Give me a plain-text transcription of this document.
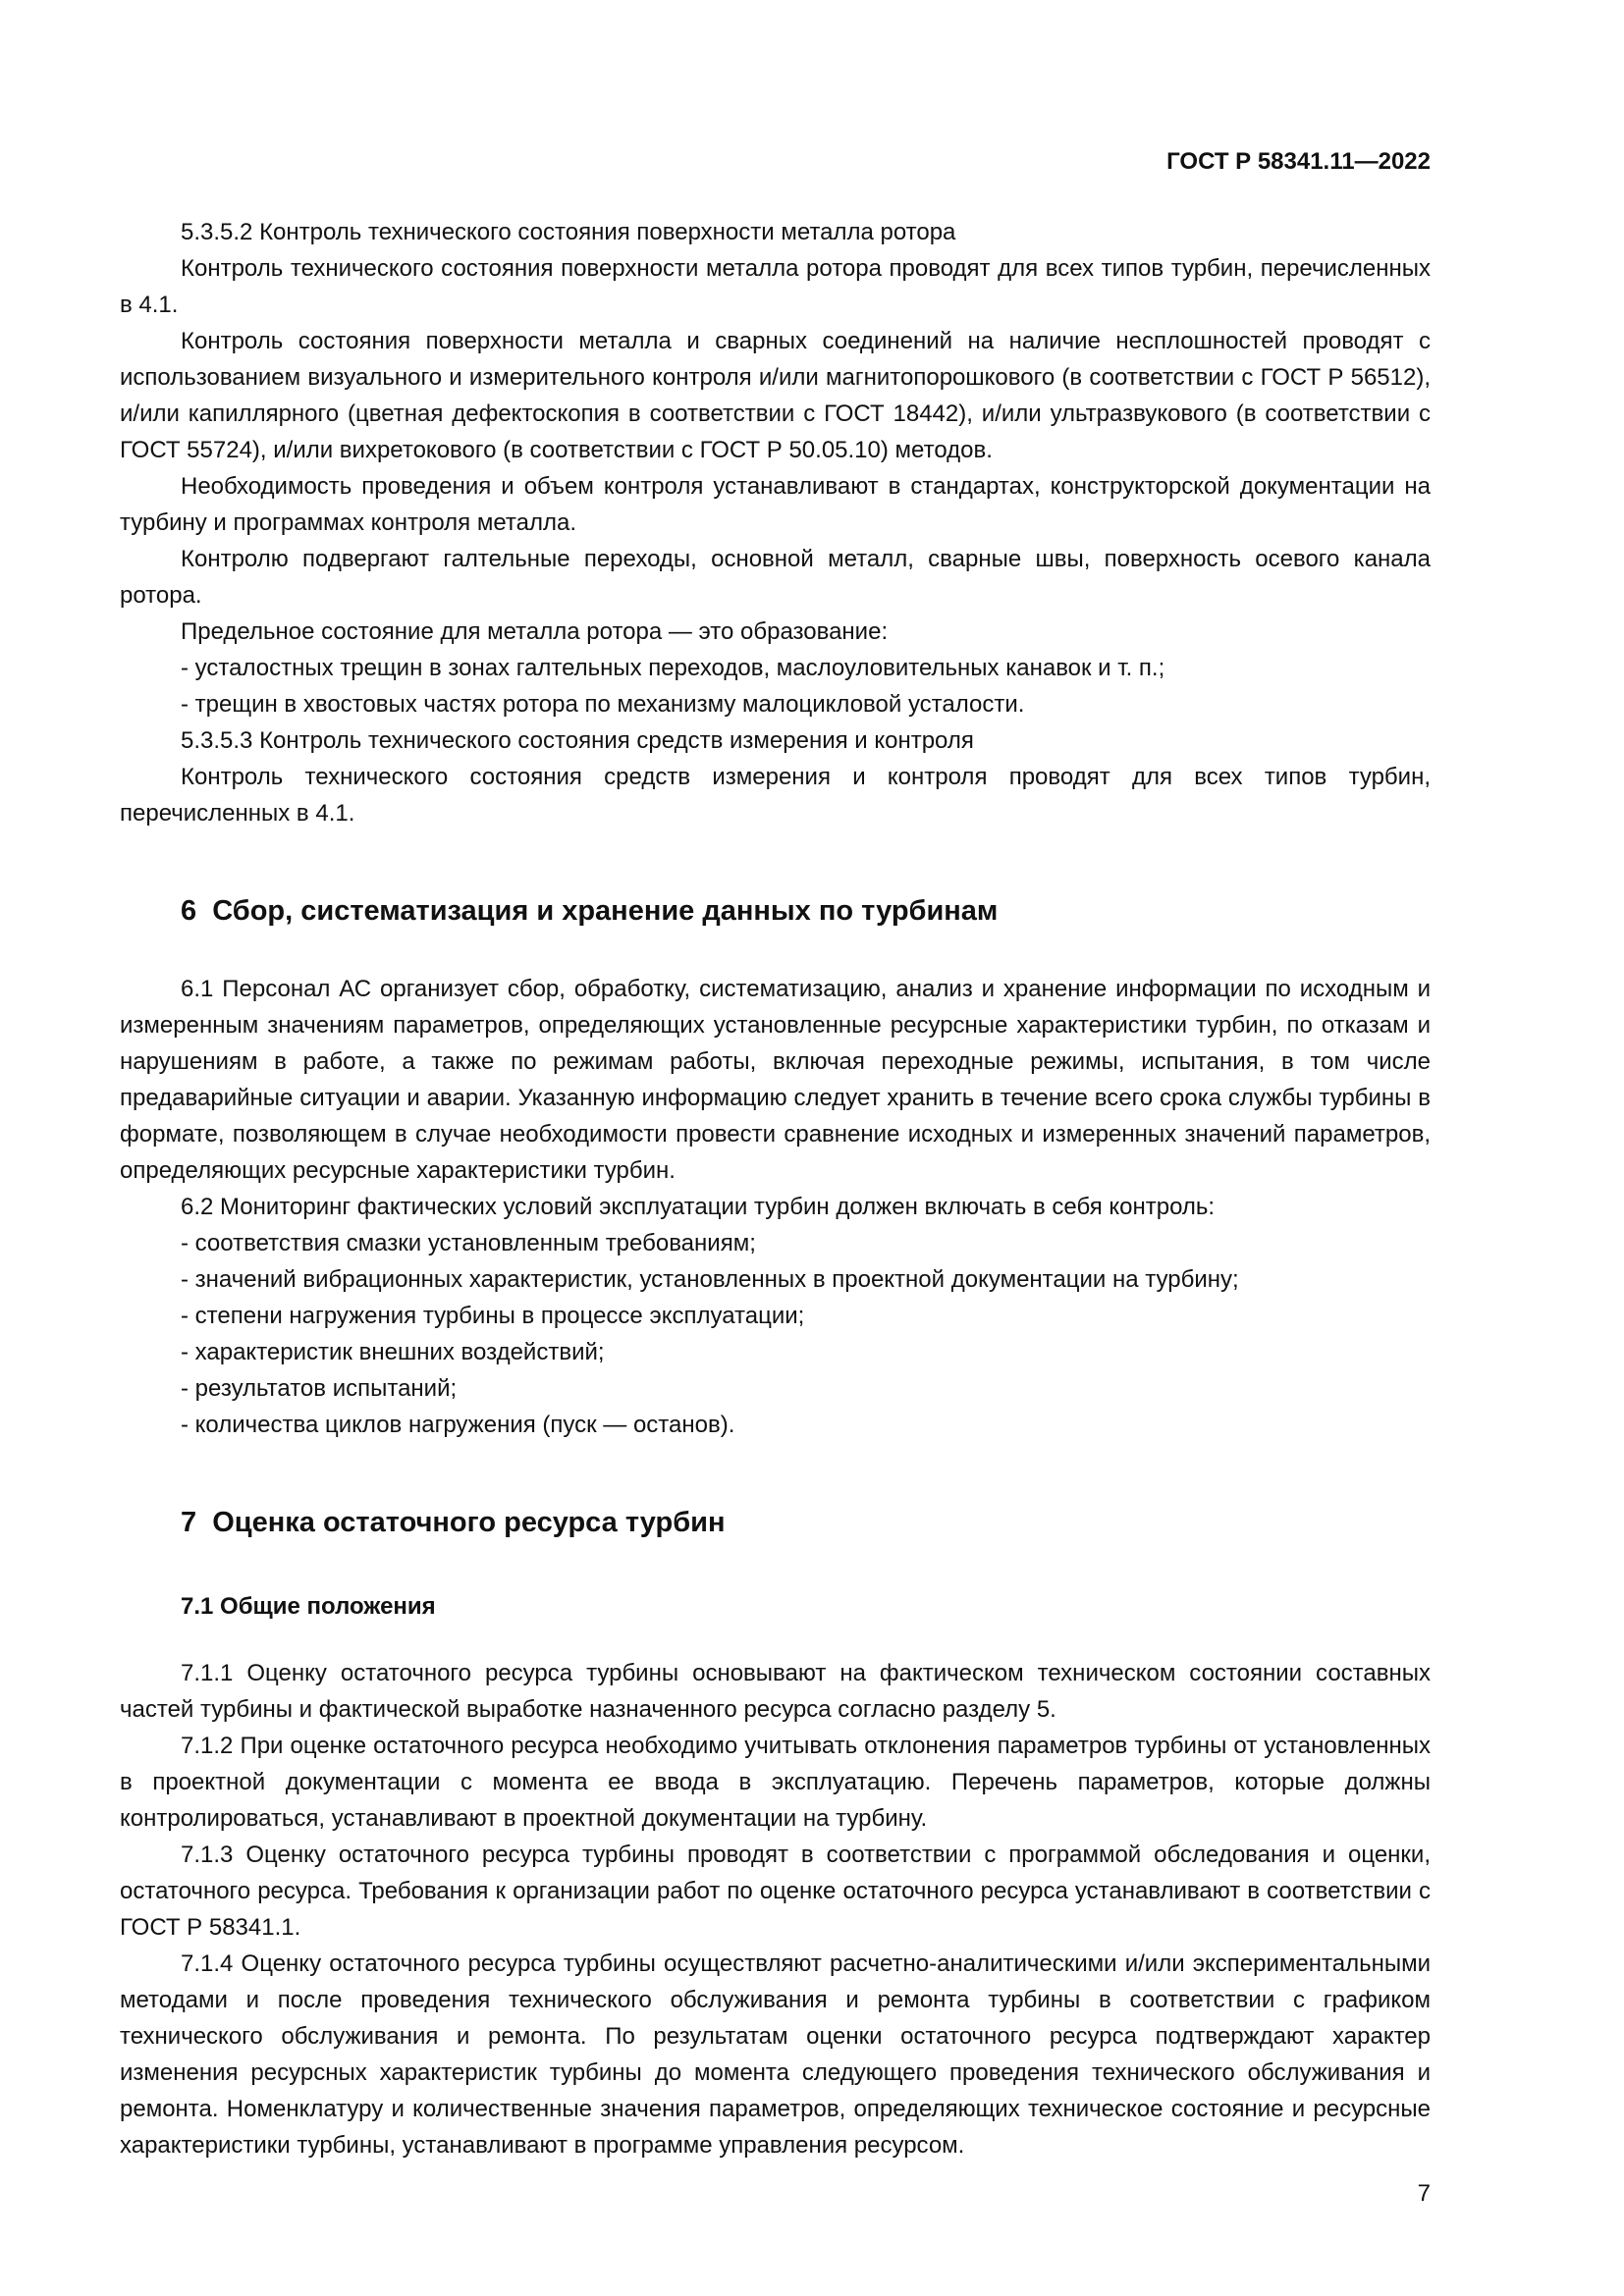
ГОСТ Р 58341.11—2022

5.3.5.2 Контроль технического состояния поверхности металла ротора

Контроль технического состояния поверхности металла ротора проводят для всех типов турбин, перечисленных в 4.1.

Контроль состояния поверхности металла и сварных соединений на наличие несплошностей проводят с использованием визуального и измерительного контроля и/или магнитопорошкового (в соответствии с ГОСТ Р 56512), и/или капиллярного (цветная дефектоскопия в соответствии с ГОСТ 18442), и/или ультразвукового (в соответствии с ГОСТ 55724), и/или вихретокового (в соответствии с ГОСТ Р 50.05.10) методов.

Необходимость проведения и объем контроля устанавливают в стандартах, конструкторской документации на турбину и программах контроля металла.

Контролю подвергают галтельные переходы, основной металл, сварные швы, поверхность осевого канала ротора.

Предельное состояние для металла ротора — это образование:

- усталостных трещин в зонах галтельных переходов, маслоуловительных канавок и т. п.;

- трещин в хвостовых частях ротора по механизму малоцикловой усталости.

5.3.5.3 Контроль технического состояния средств измерения и контроля

Контроль технического состояния средств измерения и контроля проводят для всех типов турбин, перечисленных в 4.1.

6  Сбор, систематизация и хранение данных по турбинам

6.1 Персонал АС организует сбор, обработку, систематизацию, анализ и хранение информации по исходным и измеренным значениям параметров, определяющих установленные ресурсные характеристики турбин, по отказам и нарушениям в работе, а также по режимам работы, включая переходные режимы, испытания, в том числе предаварийные ситуации и аварии. Указанную информацию следует хранить в течение всего срока службы турбины в формате, позволяющем в случае необходимости провести сравнение исходных и измеренных значений параметров, определяющих ресурсные характеристики турбин.

6.2 Мониторинг фактических условий эксплуатации турбин должен включать в себя контроль:

- соответствия смазки установленным требованиям;

- значений вибрационных характеристик, установленных в проектной документации на турбину;

- степени нагружения турбины в процессе эксплуатации;

- характеристик внешних воздействий;

- результатов испытаний;

- количества циклов нагружения (пуск — останов).

7  Оценка остаточного ресурса турбин
7.1 Общие положения

7.1.1 Оценку остаточного ресурса турбины основывают на фактическом техническом состоянии составных частей турбины и фактической выработке назначенного ресурса согласно разделу 5.

7.1.2 При оценке остаточного ресурса необходимо учитывать отклонения параметров турбины от установленных в проектной документации с момента ее ввода в эксплуатацию. Перечень параметров, которые должны контролироваться, устанавливают в проектной документации на турбину.

7.1.3 Оценку остаточного ресурса турбины проводят в соответствии с программой обследования и оценки, остаточного ресурса. Требования к организации работ по оценке остаточного ресурса устанавливают в соответствии с ГОСТ Р 58341.1.

7.1.4 Оценку остаточного ресурса турбины осуществляют расчетно-аналитическими и/или экспериментальными методами и после проведения технического обслуживания и ремонта турбины в соответствии с графиком технического обслуживания и ремонта. По результатам оценки остаточного ресурса подтверждают характер изменения ресурсных характеристик турбины до момента следующего проведения технического обслуживания и ремонта. Номенклатуру и количественные значения параметров, определяющих техническое состояние и ресурсные характеристики турбины, устанавливают в программе управления ресурсом.

7
